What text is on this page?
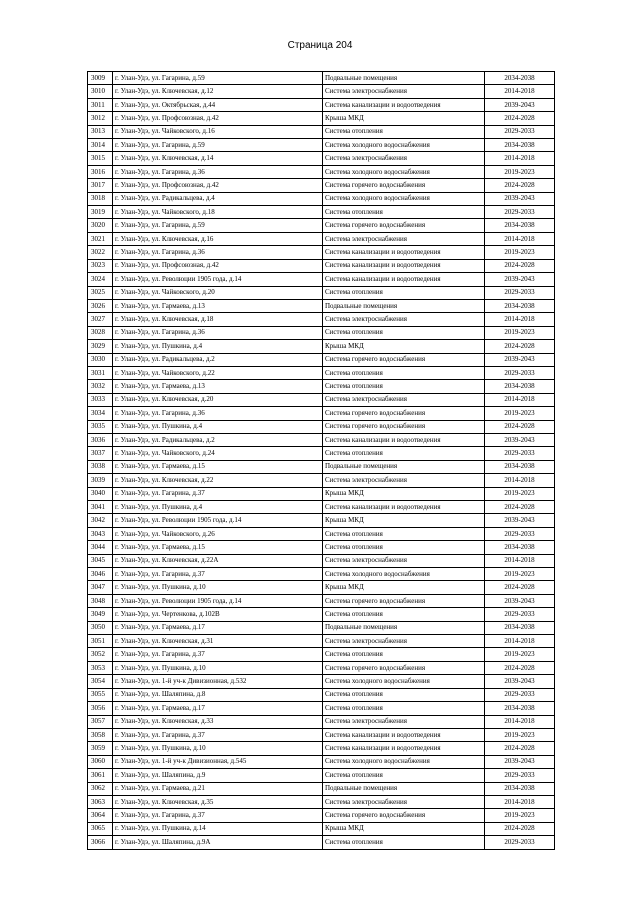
Страница 204
3009	г. Улан-Удэ, ул. Гагарина, д.59	Подвальные помещения	2034-2038
3010	г. Улан-Удэ, ул. Ключевская, д.12	Система электроснабжения	2014-2018
3011	г. Улан-Удэ, ул. Октябрьская, д.44	Система канализации и водоотведения	2039-2043
3012	г. Улан-Удэ, ул. Профсоюзная, д.42	Крыша МКД	2024-2028
3013	г. Улан-Удэ, ул. Чайковского, д.16	Система отопления	2029-2033
3014	г. Улан-Удэ, ул. Гагарина, д.59	Система холодного водоснабжения	2034-2038
3015	г. Улан-Удэ, ул. Ключевская, д.14	Система электроснабжения	2014-2018
3016	г. Улан-Удэ, ул. Гагарина, д.36	Система холодного водоснабжения	2019-2023
3017	г. Улан-Удэ, ул. Профсоюзная, д.42	Система горячего водоснабжения	2024-2028
3018	г. Улан-Удэ, ул. Радикальцева, д.4	Система холодного водоснабжения	2039-2043
3019	г. Улан-Удэ, ул. Чайковского, д.18	Система отопления	2029-2033
3020	г. Улан-Удэ, ул. Гагарина, д.59	Система горячего водоснабжения	2034-2038
3021	г. Улан-Удэ, ул. Ключевская, д.16	Система электроснабжения	2014-2018
3022	г. Улан-Удэ, ул. Гагарина, д.36	Система канализации и водоотведения	2019-2023
3023	г. Улан-Удэ, ул. Профсоюзная, д.42	Система канализации и водоотведения	2024-2028
3024	г. Улан-Удэ, ул. Революции 1905 года, д.14	Система канализации и водоотведения	2039-2043
3025	г. Улан-Удэ, ул. Чайковского, д.20	Система отопления	2029-2033
3026	г. Улан-Удэ, ул. Гармаева, д.13	Подвальные помещения	2034-2038
3027	г. Улан-Удэ, ул. Ключевская, д.18	Система электроснабжения	2014-2018
3028	г. Улан-Удэ, ул. Гагарина, д.36	Система отопления	2019-2023
3029	г. Улан-Удэ, ул. Пушкина, д.4	Крыша МКД	2024-2028
3030	г. Улан-Удэ, ул. Радикальцева, д.2	Система горячего водоснабжения	2039-2043
3031	г. Улан-Удэ, ул. Чайковского, д.22	Система отопления	2029-2033
3032	г. Улан-Удэ, ул. Гармаева, д.13	Система отопления	2034-2038
3033	г. Улан-Удэ, ул. Ключевская, д.20	Система электроснабжения	2014-2018
3034	г. Улан-Удэ, ул. Гагарина, д.36	Система горячего водоснабжения	2019-2023
3035	г. Улан-Удэ, ул. Пушкина, д.4	Система горячего водоснабжения	2024-2028
3036	г. Улан-Удэ, ул. Радикальцева, д.2	Система канализации и водоотведения	2039-2043
3037	г. Улан-Удэ, ул. Чайковского, д.24	Система отопления	2029-2033
3038	г. Улан-Удэ, ул. Гармаева, д.15	Подвальные помещения	2034-2038
3039	г. Улан-Удэ, ул. Ключевская, д.22	Система электроснабжения	2014-2018
3040	г. Улан-Удэ, ул. Гагарина, д.37	Крыша МКД	2019-2023
3041	г. Улан-Удэ, ул. Пушкина, д.4	Система канализации и водоотведения	2024-2028
3042	г. Улан-Удэ, ул. Революции 1905 года, д.14	Крыша МКД	2039-2043
3043	г. Улан-Удэ, ул. Чайковского, д.26	Система отопления	2029-2033
3044	г. Улан-Удэ, ул. Гармаева, д.15	Система отопления	2034-2038
3045	г. Улан-Удэ, ул. Ключевская, д.22А	Система электроснабжения	2014-2018
3046	г. Улан-Удэ, ул. Гагарина, д.37	Система холодного водоснабжения	2019-2023
3047	г. Улан-Удэ, ул. Пушкина, д.10	Крыша МКД	2024-2028
3048	г. Улан-Удэ, ул. Революции 1905 года, д.14	Система горячего водоснабжения	2039-2043
3049	г. Улан-Удэ, ул. Чертенкова, д.102В	Система отопления	2029-2033
3050	г. Улан-Удэ, ул. Гармаева, д.17	Подвальные помещения	2034-2038
3051	г. Улан-Удэ, ул. Ключевская, д.31	Система электроснабжения	2014-2018
3052	г. Улан-Удэ, ул. Гагарина, д.37	Система отопления	2019-2023
3053	г. Улан-Удэ, ул. Пушкина, д.10	Система горячего водоснабжения	2024-2028
3054	г. Улан-Удэ, ул. 1-й уч-к Дивизионная, д.532	Система холодного водоснабжения	2039-2043
3055	г. Улан-Удэ, ул. Шаляпина, д.8	Система отопления	2029-2033
3056	г. Улан-Удэ, ул. Гармаева, д.17	Система отопления	2034-2038
3057	г. Улан-Удэ, ул. Ключевская, д.33	Система электроснабжения	2014-2018
3058	г. Улан-Удэ, ул. Гагарина, д.37	Система канализации и водоотведения	2019-2023
3059	г. Улан-Удэ, ул. Пушкина, д.10	Система канализации и водоотведения	2024-2028
3060	г. Улан-Удэ, ул. 1-й уч-к Дивизионная, д.545	Система холодного водоснабжения	2039-2043
3061	г. Улан-Удэ, ул. Шаляпина, д.9	Система отопления	2029-2033
3062	г. Улан-Удэ, ул. Гармаева, д.21	Подвальные помещения	2034-2038
3063	г. Улан-Удэ, ул. Ключевская, д.35	Система электроснабжения	2014-2018
3064	г. Улан-Удэ, ул. Гагарина, д.37	Система горячего водоснабжения	2019-2023
3065	г. Улан-Удэ, ул. Пушкина, д.14	Крыша МКД	2024-2028
3066	г. Улан-Удэ, ул. Шаляпина, д.9А	Система отопления	2029-2033
